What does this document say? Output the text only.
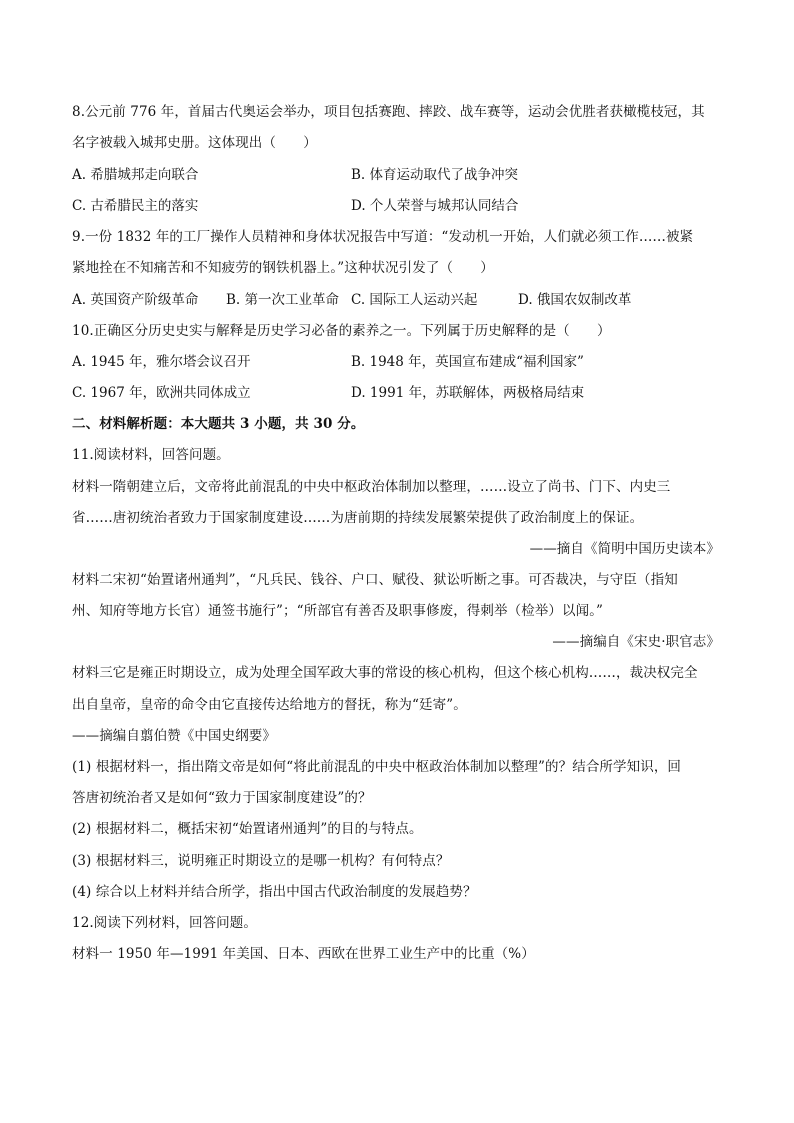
8.公元前 776 年，首届古代奥运会举办，项目包括赛跑、摔跤、战车赛等，运动会优胜者获橄榄枝冠，其
名字被载入城邦史册。这体现出（　　）
A. 希腊城邦走向联合	B. 体育运动取代了战争冲突
C. 古希腊民主的落实	D. 个人荣誉与城邦认同结合
9.一份 1832 年的工厂操作人员精神和身体状况报告中写道：“发动机一开始，人们就必须工作……被紧
紧地拴在不知痛苦和不知疲劳的钢铁机器上。”这种状况引发了（　　）
A. 英国资产阶级革命 B. 第一次工业革命 C. 国际工人运动兴起	D. 俄国农奴制改革
10.正确区分历史史实与解释是历史学习必备的素养之一。下列属于历史解释的是（　　）
A. 1945 年，雅尔塔会议召开	B. 1948 年，英国宣布建成“福利国家”
C. 1967 年，欧洲共同体成立	D. 1991 年，苏联解体，两极格局结束
二、材料解析题：本大题共 3 小题，共 30 分。
11.阅读材料，回答问题。
材料一隋朝建立后，文帝将此前混乱的中央中枢政治体制加以整理，……设立了尚书、门下、内史三
省……唐初统治者致力于国家制度建设……为唐前期的持续发展繁荣提供了政治制度上的保证。
——摘自《简明中国历史读本》
材料二宋初“始置诸州通判”，“凡兵民、钱谷、户口、赋役、狱讼听断之事。可否裁决，与守臣（指知
州、知府等地方长官）通签书施行”；“所部官有善否及职事修废，得刺举（检举）以闻。”
——摘编自《宋史·职官志》
材料三它是雍正时期设立，成为处理全国军政大事的常设的核心机构，但这个核心机构……，裁决权完全
出自皇帝，皇帝的命令由它直接传达给地方的督抚，称为“廷寄”。
——摘编自翦伯赞《中国史纲要》
(1) 根据材料一，指出隋文帝是如何“将此前混乱的中央中枢政治体制加以整理”的？结合所学知识，回
答唐初统治者又是如何“致力于国家制度建设”的？
(2) 根据材料二，概括宋初“始置诸州通判”的目的与特点。
(3) 根据材料三，说明雍正时期设立的是哪一机构？有何特点？
(4) 综合以上材料并结合所学，指出中国古代政治制度的发展趋势？
12.阅读下列材料，回答问题。
材料一 1950 年—1991 年美国、日本、西欧在世界工业生产中的比重（%）
